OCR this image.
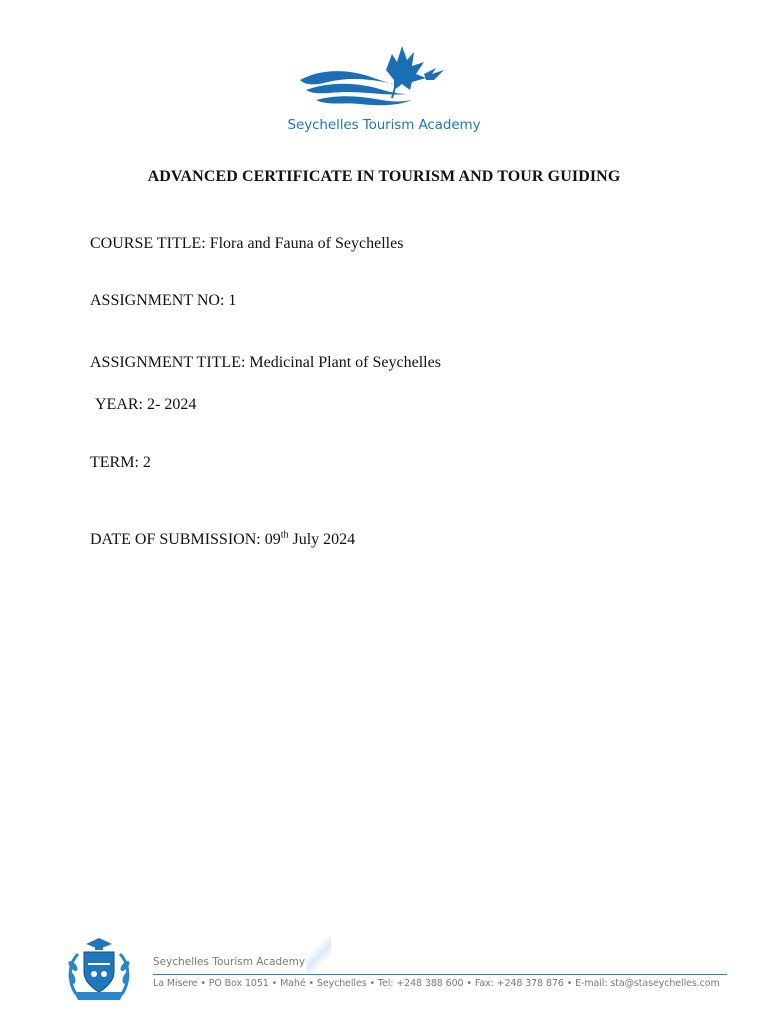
Seychelles Tourism Academy
ADVANCED CERTIFICATE IN TOURISM AND TOUR GUIDING
COURSE TITLE: Flora and Fauna of Seychelles
ASSIGNMENT NO: 1
ASSIGNMENT TITLE: Medicinal Plant of Seychelles
YEAR: 2- 2024
TERM: 2
DATE OF SUBMISSION: 09th July 2024
Seychelles Tourism Academy
La Misere • PO Box 1051 • Mahé • Seychelles • Tel: +248 388 600 • Fax: +248 378 876 • E-mail: sta@staseychelles.com
